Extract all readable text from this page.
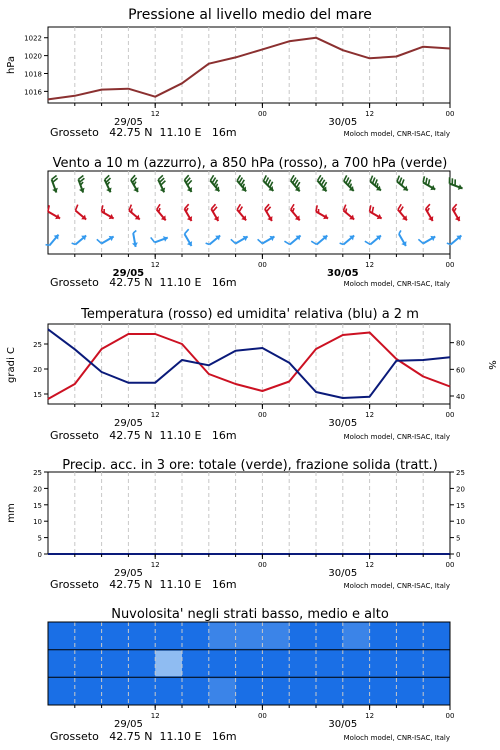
Pressione al livello medio del mare
1016
1018
1020
1022
hPa
12	00	12	00
29/05	30/05
Grosseto   42.75 N  11.10 E   16m	Moloch model, CNR-ISAC, Italy
Vento a 10 m (azzurro), a 850 hPa (rosso), a 700 hPa (verde)
12	00	12	00
29/05	30/05
Grosseto   42.75 N  11.10 E   16m	Moloch model, CNR-ISAC, Italy
Temperatura (rosso) ed umidita' relativa (blu) a 2 m
15
20
25
40
60
80
gradi C	%
12	00	12	00
29/05	30/05
Grosseto   42.75 N  11.10 E   16m	Moloch model, CNR-ISAC, Italy
Precip. acc. in 3 ore: totale (verde), frazione solida (tratt.)
0
5
10
15
20
25
0
5
10
15
20
25
mm
12	00	12	00
29/05	30/05
Grosseto   42.75 N  11.10 E   16m	Moloch model, CNR-ISAC, Italy
Nuvolosita' negli strati basso, medio e alto
12	00	12	00
29/05	30/05
Grosseto   42.75 N  11.10 E   16m	Moloch model, CNR-ISAC, Italy
